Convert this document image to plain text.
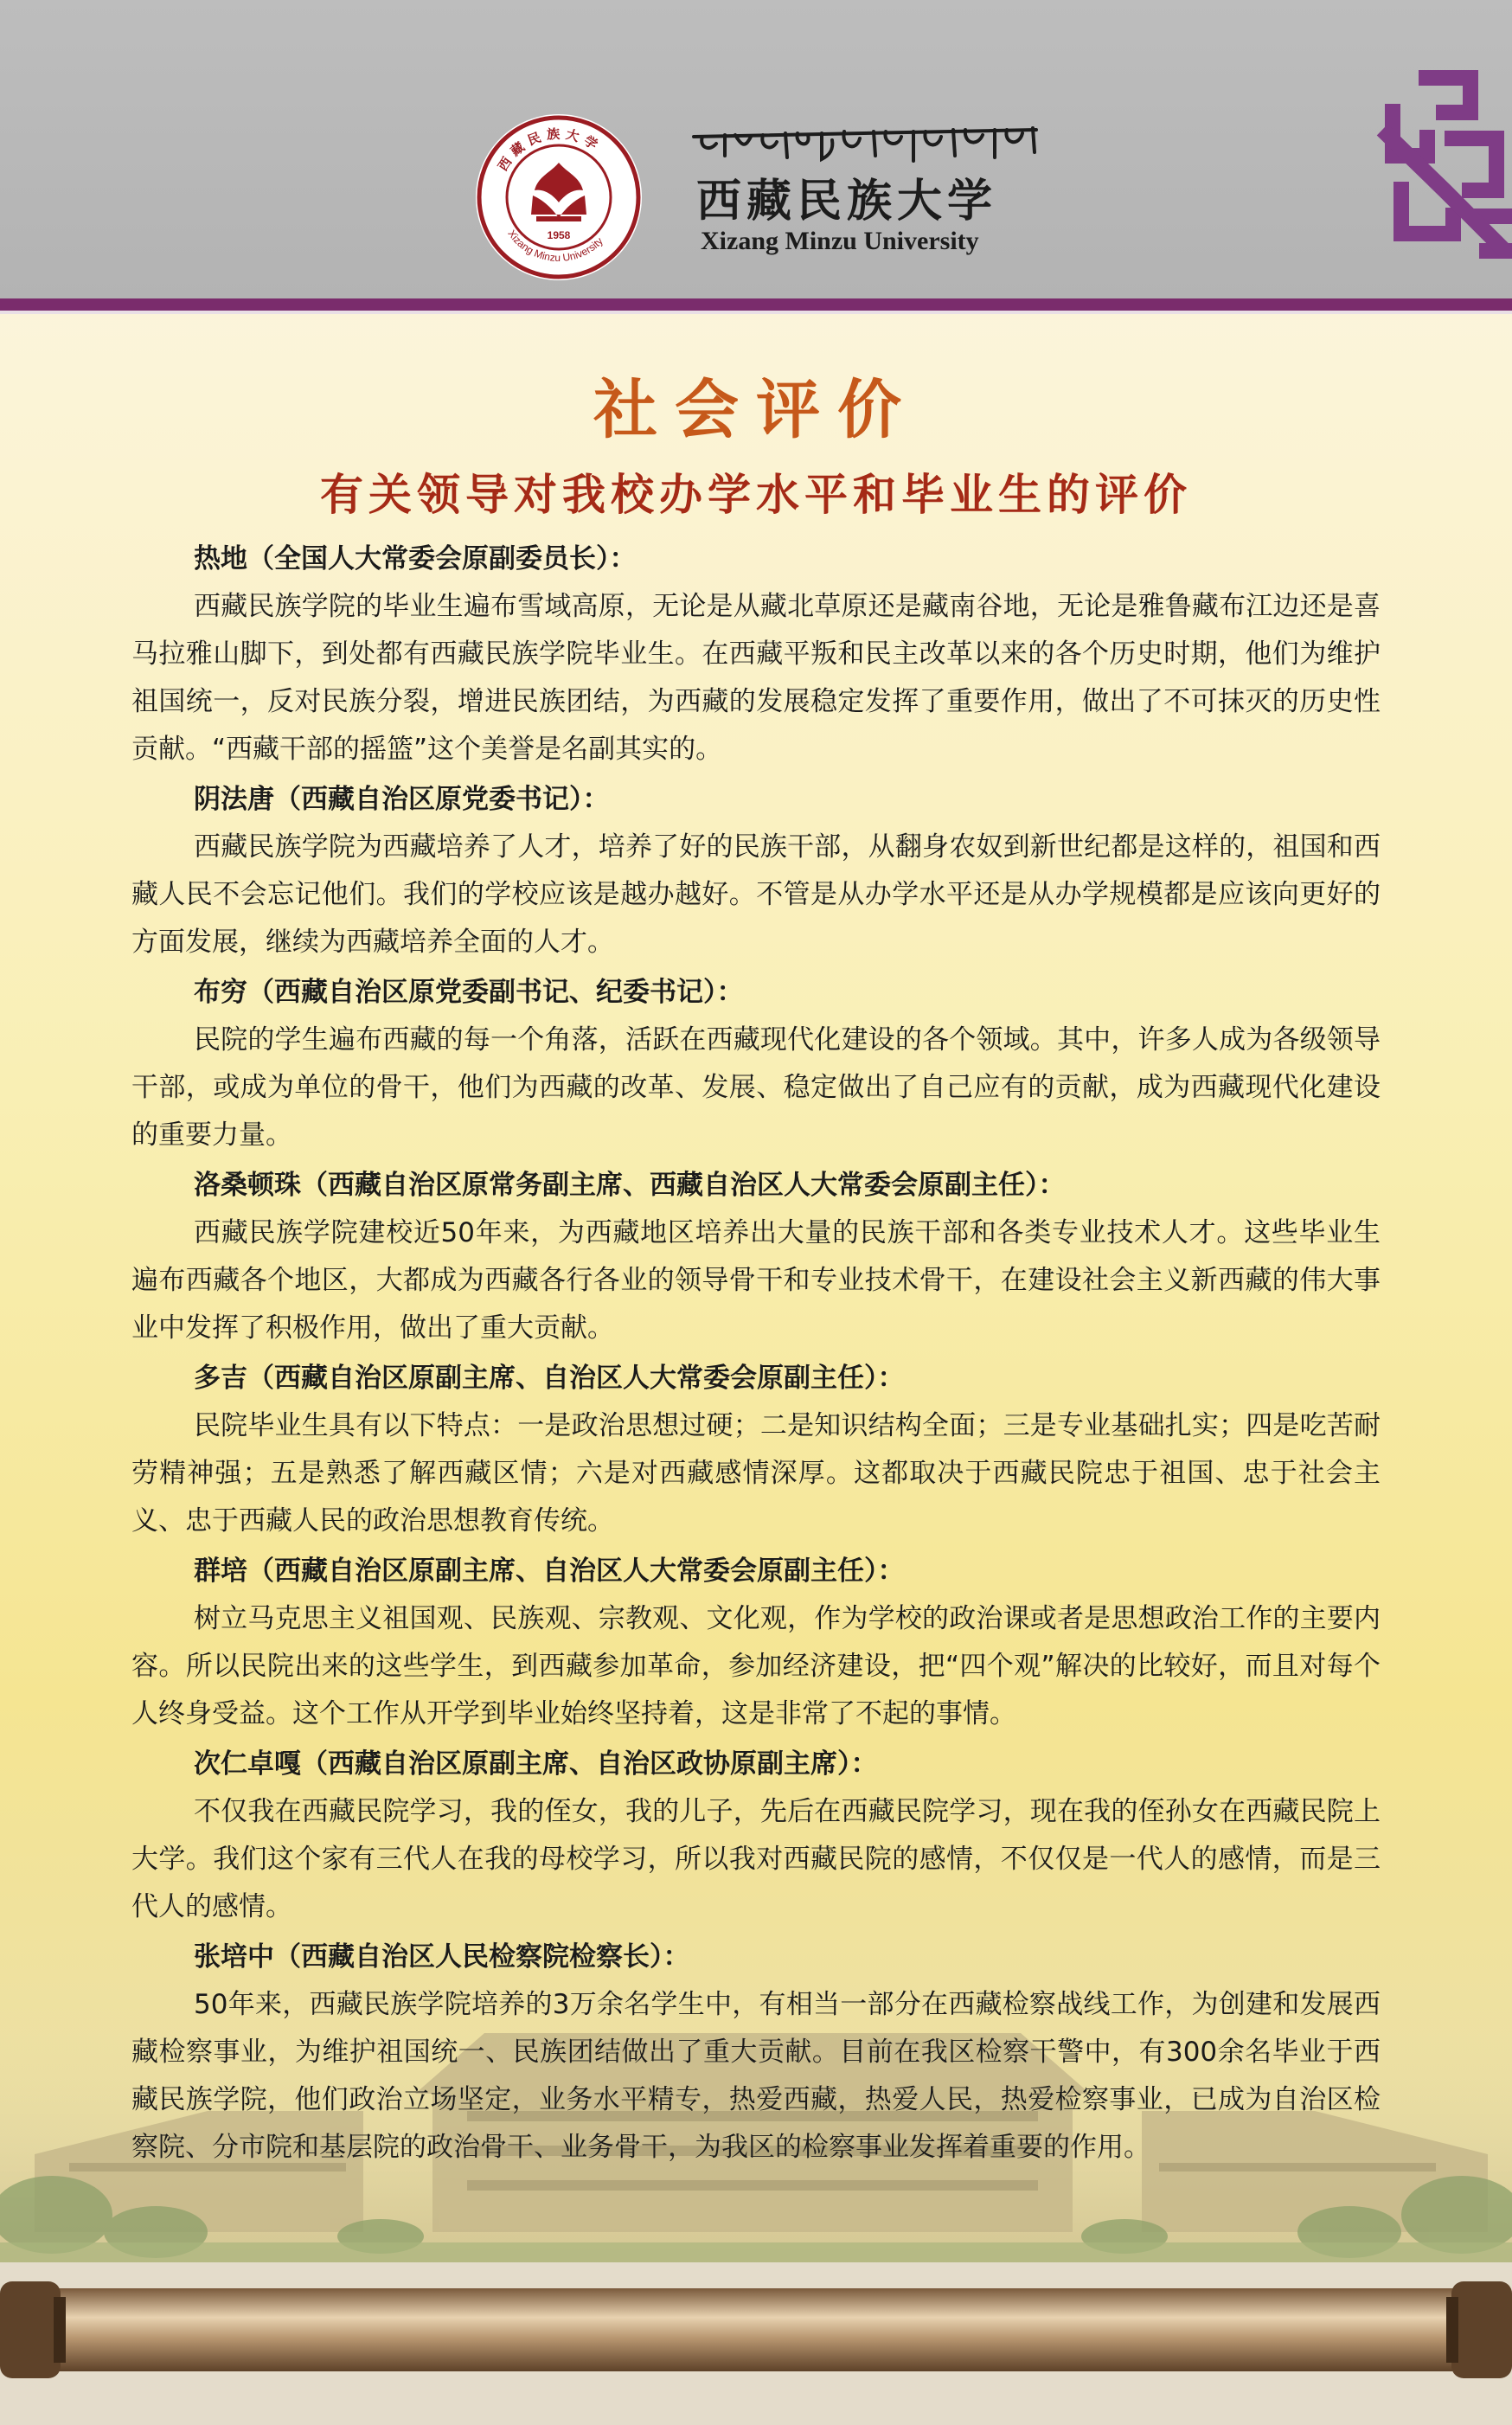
西藏民族大学
Xizang Minzu University
1958
西藏民族大学
Xizang Minzu University
社会评价
有关领导对我校办学水平和毕业生的评价
热地（全国人大常委会原副委员长）：

西藏民族学院的毕业生遍布雪域高原，无论是从藏北草原还是藏南谷地，无论是雅鲁藏布江边还是喜马拉雅山脚下，到处都有西藏民族学院毕业生。在西藏平叛和民主改革以来的各个历史时期，他们为维护祖国统一，反对民族分裂，增进民族团结，为西藏的发展稳定发挥了重要作用，做出了不可抹灭的历史性贡献。“西藏干部的摇篮”这个美誉是名副其实的。

阴法唐（西藏自治区原党委书记）：

西藏民族学院为西藏培养了人才，培养了好的民族干部，从翻身农奴到新世纪都是这样的，祖国和西藏人民不会忘记他们。我们的学校应该是越办越好。不管是从办学水平还是从办学规模都是应该向更好的方面发展，继续为西藏培养全面的人才。

布穷（西藏自治区原党委副书记、纪委书记）：

民院的学生遍布西藏的每一个角落，活跃在西藏现代化建设的各个领域。其中，许多人成为各级领导干部，或成为单位的骨干，他们为西藏的改革、发展、稳定做出了自己应有的贡献，成为西藏现代化建设的重要力量。

洛桑顿珠（西藏自治区原常务副主席、西藏自治区人大常委会原副主任）：

西藏民族学院建校近50年来，为西藏地区培养出大量的民族干部和各类专业技术人才。这些毕业生遍布西藏各个地区，大都成为西藏各行各业的领导骨干和专业技术骨干，在建设社会主义新西藏的伟大事业中发挥了积极作用，做出了重大贡献。

多吉（西藏自治区原副主席、自治区人大常委会原副主任）：

民院毕业生具有以下特点：一是政治思想过硬；二是知识结构全面；三是专业基础扎实；四是吃苦耐劳精神强；五是熟悉了解西藏区情；六是对西藏感情深厚。这都取决于西藏民院忠于祖国、忠于社会主义、忠于西藏人民的政治思想教育传统。

群培（西藏自治区原副主席、自治区人大常委会原副主任）：

树立马克思主义祖国观、民族观、宗教观、文化观，作为学校的政治课或者是思想政治工作的主要内容。所以民院出来的这些学生，到西藏参加革命，参加经济建设，把“四个观”解决的比较好，而且对每个人终身受益。这个工作从开学到毕业始终坚持着，这是非常了不起的事情。

次仁卓嘎（西藏自治区原副主席、自治区政协原副主席）：

不仅我在西藏民院学习，我的侄女，我的儿子，先后在西藏民院学习，现在我的侄孙女在西藏民院上大学。我们这个家有三代人在我的母校学习，所以我对西藏民院的感情，不仅仅是一代人的感情，而是三代人的感情。

张培中（西藏自治区人民检察院检察长）：

50年来，西藏民族学院培养的3万余名学生中，有相当一部分在西藏检察战线工作，为创建和发展西藏检察事业，为维护祖国统一、民族团结做出了重大贡献。目前在我区检察干警中，有300余名毕业于西藏民族学院，他们政治立场坚定，业务水平精专，热爱西藏，热爱人民，热爱检察事业，已成为自治区检察院、分市院和基层院的政治骨干、业务骨干，为我区的检察事业发挥着重要的作用。
